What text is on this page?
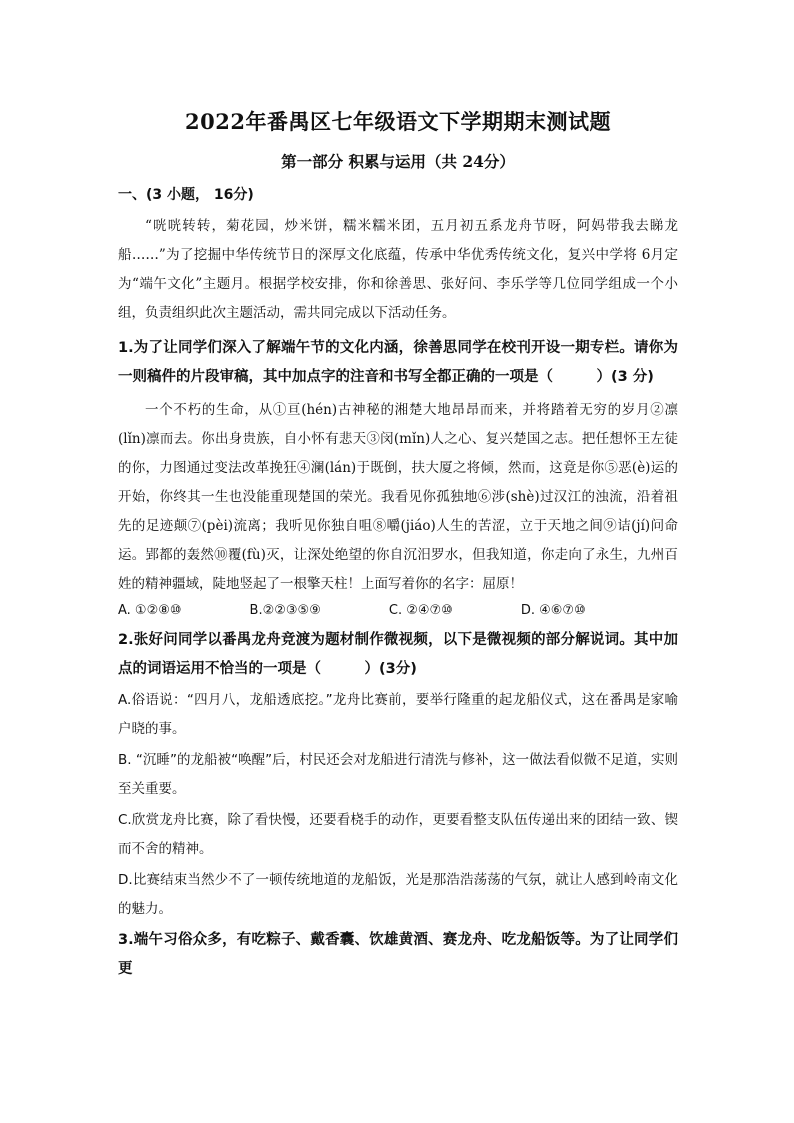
2022年番禺区七年级语文下学期期末测试题
第一部分 积累与运用（共 24分）
一、(3 小题， 16分)
“咣咣转转，菊花园，炒米饼，糯米糯米团，五月初五系龙舟节呀，阿妈带我去睇龙船……”为了挖掘中华传统节日的深厚文化底蕴，传承中华优秀传统文化，复兴中学将 6月定为“端午文化”主题月。根据学校安排，你和徐善思、张好问、李乐学等几位同学组成一个小组，负责组织此次主题活动，需共同完成以下活动任务。
1.为了让同学们深入了解端午节的文化内涵，徐善思同学在校刊开设一期专栏。请你为一则稿件的片段审稿，其中加点字的注音和书写全都正确的一项是（　　　）(3 分)
一个不朽的生命，从①亘(hén)古神秘的湘楚大地昂昂而来，并将踏着无穷的岁月②凛(lǐn)凛而去。你出身贵族，自小怀有悲天③闵(mǐn)人之心、复兴楚国之志。把任想怀王左徒的你，力图通过变法改革挽狂④澜(lán)于既倒，扶大厦之将倾，然而，这竟是你⑤恶(è)运的开始，你终其一生也没能重现楚国的荣光。我看见你孤独地⑥涉(shè)过汉江的浊流，沿着祖先的足迹颠⑦(pèi)流离；我听见你独自咀⑧嚼(jiáo)人生的苦涩，立于天地之间⑨诘(jí)问命运。郢都的轰然⑩覆(fù)灭，让深处绝望的你自沉汨罗水，但我知道，你走向了永生，九州百姓的精神疆域，陡地竖起了一根擎天柱！上面写着你的名字：屈原！
A. ①②⑧⑩	B.②②③⑤⑨	C. ②④⑦⑩	D. ④⑥⑦⑩
2.张好问同学以番禺龙舟竞渡为题材制作微视频，以下是微视频的部分解说词。其中加点的词语运用不恰当的一项是（　　　）(3分)
A.俗语说：“四月八，龙船透底挖。”龙舟比赛前，要举行隆重的起龙船仪式，这在番禺是家喻户晓的事。
B. “沉睡”的龙船被“唤醒”后，村民还会对龙船进行清洗与修补，这一做法看似微不足道，实则至关重要。
C.欣赏龙舟比赛，除了看快慢，还要看桡手的动作，更要看整支队伍传递出来的团结一致、锲而不舍的精神。
D.比赛结束当然少不了一顿传统地道的龙船饭，光是那浩浩荡荡的气氛，就让人感到岭南文化的魅力。
3.端午习俗众多，有吃粽子、戴香囊、饮雄黄酒、赛龙舟、吃龙船饭等。为了让同学们更
